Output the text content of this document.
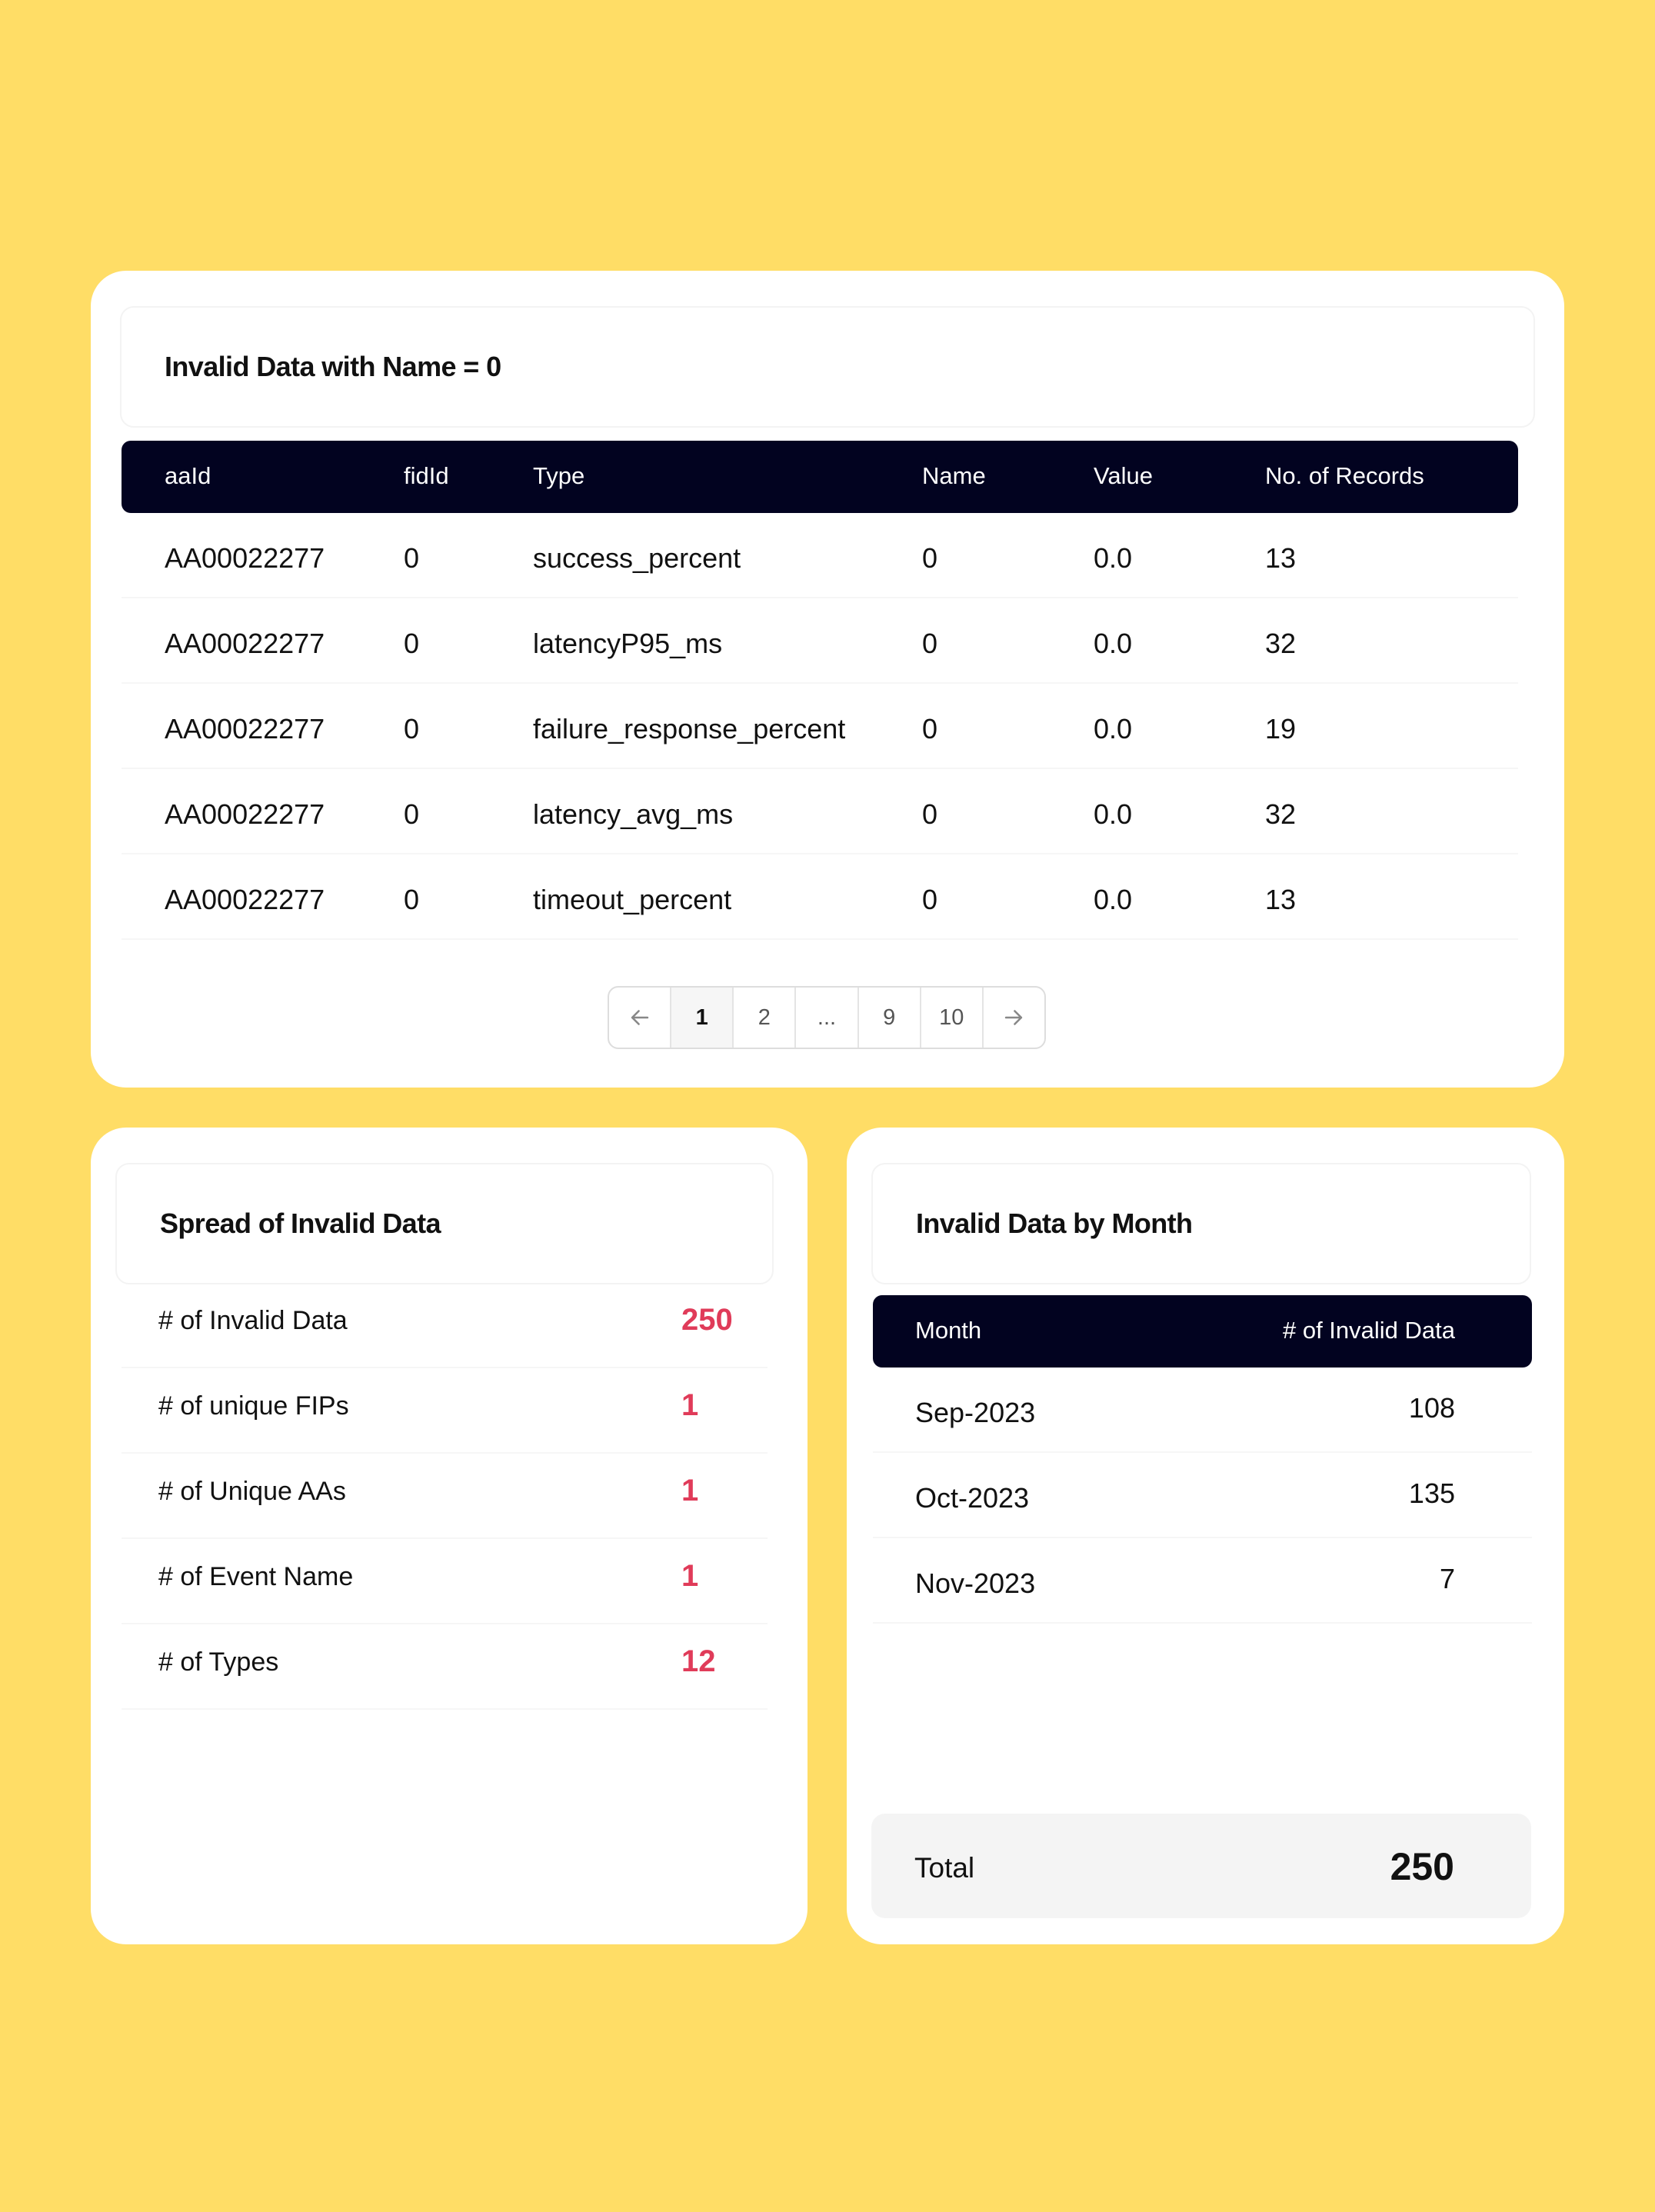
Invalid Data with Name = 0
aaId	fidId	Type	Name	Value	No. of Records
AA00022277	0	success_percent	0	0.0	13
AA00022277	0	latencyP95_ms	0	0.0	32
AA00022277	0	failure_response_percent	0	0.0	19
AA00022277	0	latency_avg_ms	0	0.0	32
AA00022277	0	timeout_percent	0	0.0	13
1	2	...	9	10
Spread of Invalid Data
# of Invalid Data	250
# of unique FIPs	1
# of Unique AAs	1
# of Event Name	1
# of Types	12
Invalid Data by Month
Month	# of Invalid Data
Sep-2023	108
Oct-2023	135
Nov-2023	7
Total	250
